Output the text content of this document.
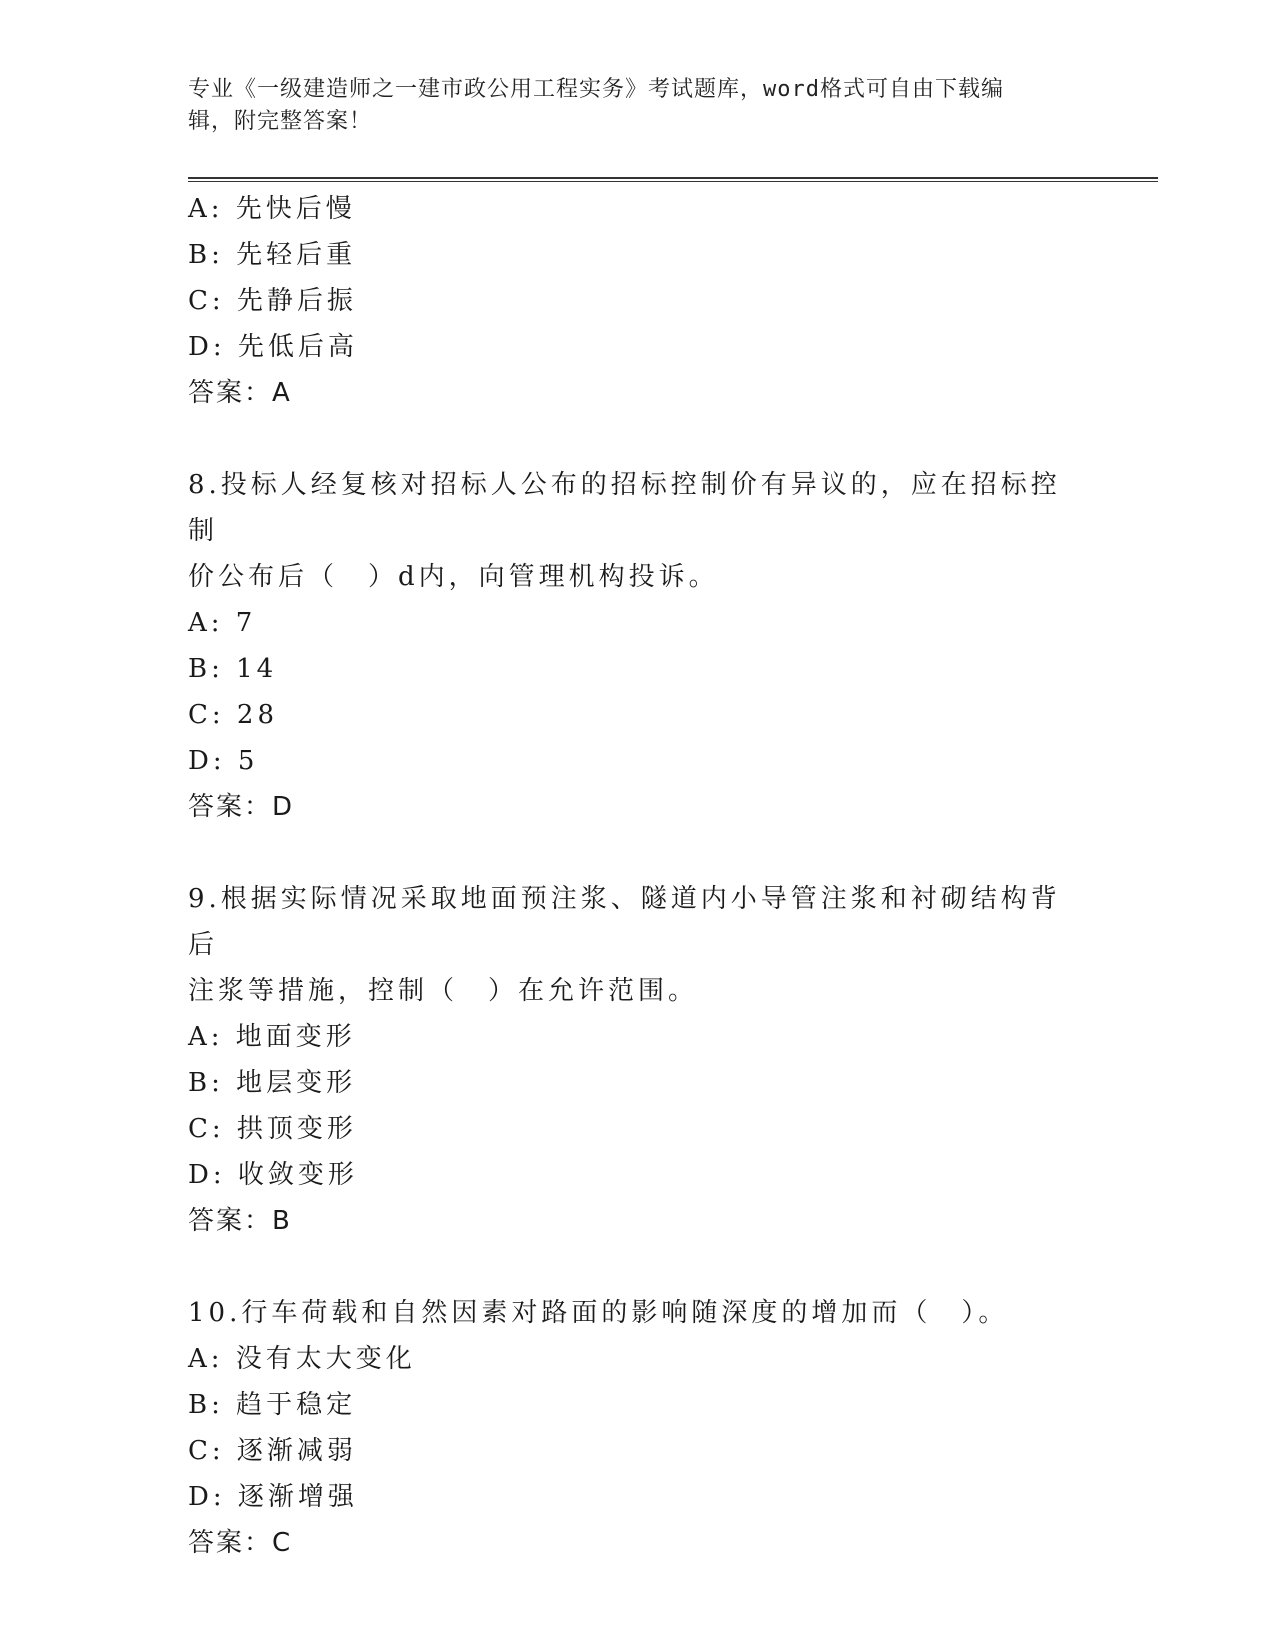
专业《一级建造师之一建市政公用工程实务》考试题库，word格式可自由下载编
辑，附完整答案！
A: 先快后慢
B: 先轻后重
C: 先静后振
D: 先低后高
答案：A
8.投标人经复核对招标人公布的招标控制价有异议的，应在招标控制
价公布后（　）d内，向管理机构投诉。
A: 7
B: 14
C: 28
D: 5
答案：D
9.根据实际情况采取地面预注浆、隧道内小导管注浆和衬砌结构背后
注浆等措施，控制（　）在允许范围。
A: 地面变形
B: 地层变形
C: 拱顶变形
D: 收敛变形
答案：B
10.行车荷载和自然因素对路面的影响随深度的增加而（　）。
A: 没有太大变化
B: 趋于稳定
C: 逐渐减弱
D: 逐渐增强
答案：C
